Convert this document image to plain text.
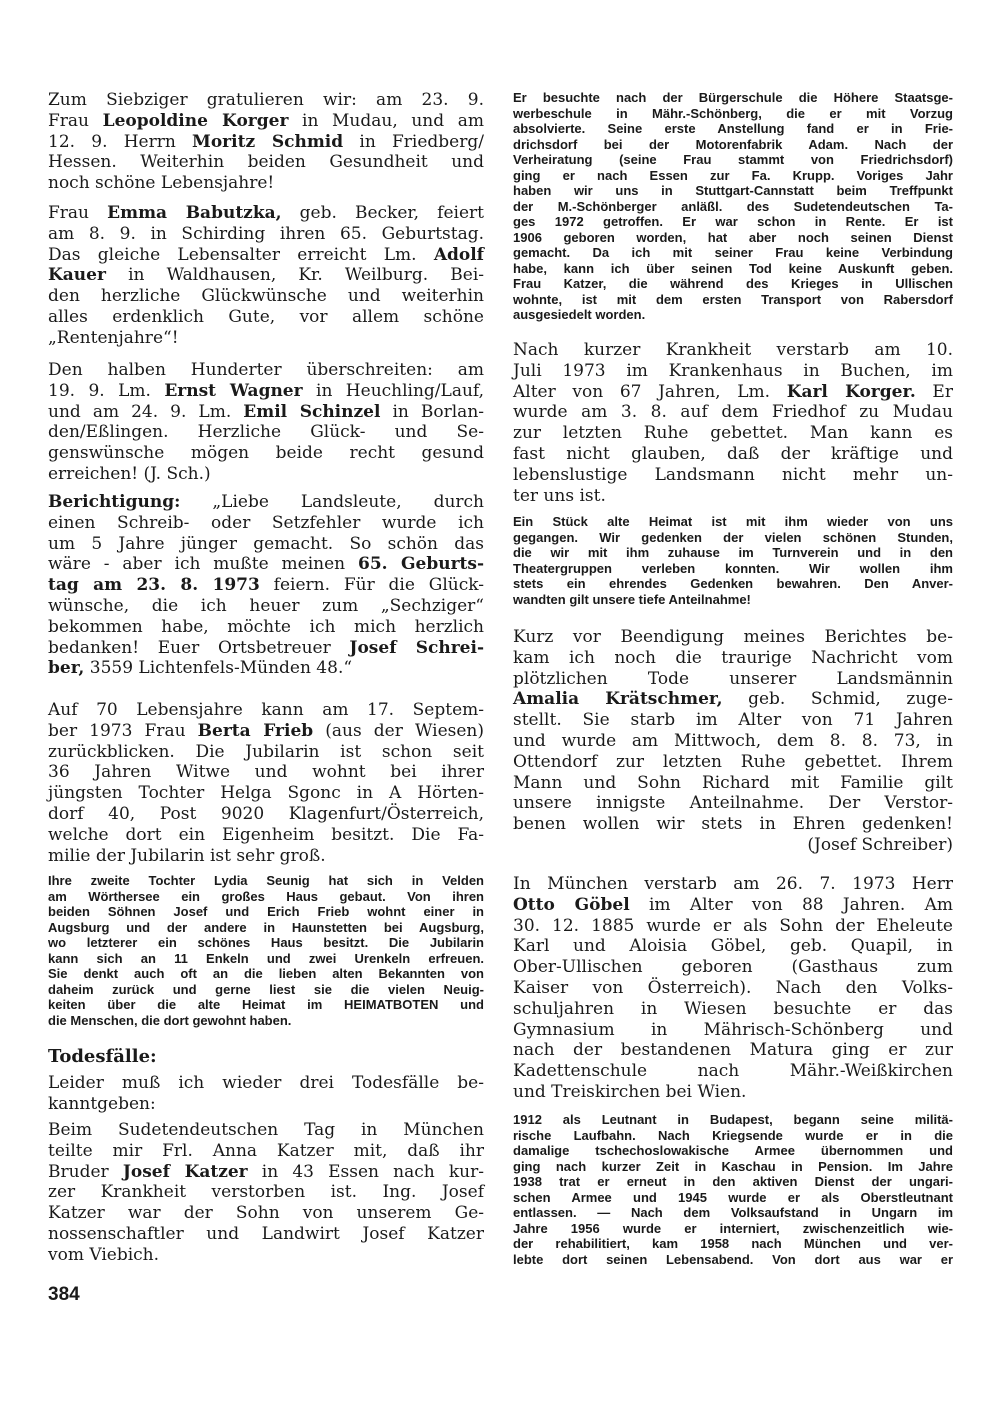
Zum Siebziger gratulieren wir: am 23. 9.
Frau Leopoldine Korger in Mudau, und am
12. 9. Herrn Moritz Schmid in Friedberg/
Hessen. Weiterhin beiden Gesundheit und
noch schöne Lebensjahre!
Frau Emma Babutzka, geb. Becker, feiert
am 8. 9. in Schirding ihren 65. Geburtstag.
Das gleiche Lebensalter erreicht Lm. Adolf
Kauer in Waldhausen, Kr. Weilburg. Bei-
den herzliche Glückwünsche und weiterhin
alles erdenklich Gute, vor allem schöne
„Rentenjahre“!
Den halben Hunderter überschreiten: am
19. 9. Lm. Ernst Wagner in Heuchling/Lauf,
und am 24. 9. Lm. Emil Schinzel in Borlan-
den/Eßlingen. Herzliche Glück- und Se-
genswünsche mögen beide recht gesund
erreichen! (J. Sch.)
Berichtigung: „Liebe Landsleute, durch
einen Schreib- oder Setzfehler wurde ich
um 5 Jahre jünger gemacht. So schön das
wäre - aber ich mußte meinen 65. Geburts-
tag am 23. 8. 1973 feiern. Für die Glück-
wünsche, die ich heuer zum „Sechziger“
bekommen habe, möchte ich mich herzlich
bedanken! Euer Ortsbetreuer Josef Schrei-
ber, 3559 Lichtenfels-Münden 48.“
Auf 70 Lebensjahre kann am 17. Septem-
ber 1973 Frau Berta Frieb (aus der Wiesen)
zurückblicken. Die Jubilarin ist schon seit
36 Jahren Witwe und wohnt bei ihrer
jüngsten Tochter Helga Sgonc in A Hörten-
dorf 40, Post 9020 Klagenfurt/Österreich,
welche dort ein Eigenheim besitzt. Die Fa-
milie der Jubilarin ist sehr groß.
Ihre zweite Tochter Lydia Seunig hat sich in Velden
am Wörthersee ein großes Haus gebaut. Von ihren
beiden Söhnen Josef und Erich Frieb wohnt einer in
Augsburg und der andere in Haunstetten bei Augsburg,
wo letzterer ein schönes Haus besitzt. Die Jubilarin
kann sich an 11 Enkeln und zwei Urenkeln erfreuen.
Sie denkt auch oft an die lieben alten Bekannten von
daheim zurück und gerne liest sie die vielen Neuig-
keiten über die alte Heimat im HEIMATBOTEN und
die Menschen, die dort gewohnt haben.
Todesfälle:
Leider muß ich wieder drei Todesfälle be-
kanntgeben:
Beim Sudetendeutschen Tag in München
teilte mir Frl. Anna Katzer mit, daß ihr
Bruder Josef Katzer in 43 Essen nach kur-
zer Krankheit verstorben ist. Ing. Josef
Katzer war der Sohn von unserem Ge-
nossenschaftler und Landwirt Josef Katzer
vom Viebich.
384
Er besuchte nach der Bürgerschule die Höhere Staatsge-
werbeschule in Mähr.-Schönberg, die er mit Vorzug
absolvierte. Seine erste Anstellung fand er in Frie-
drichsdorf bei der Motorenfabrik Adam. Nach der
Verheiratung (seine Frau stammt von Friedrichsdorf)
ging er nach Essen zur Fa. Krupp. Voriges Jahr
haben wir uns in Stuttgart-Cannstatt beim Treffpunkt
der M.-Schönberger anläßl. des Sudetendeutschen Ta-
ges 1972 getroffen. Er war schon in Rente. Er ist
1906 geboren worden, hat aber noch seinen Dienst
gemacht. Da ich mit seiner Frau keine Verbindung
habe, kann ich über seinen Tod keine Auskunft geben.
Frau Katzer, die während des Krieges in Ullischen
wohnte, ist mit dem ersten Transport von Rabersdorf
ausgesiedelt worden.
Nach kurzer Krankheit verstarb am 10.
Juli 1973 im Krankenhaus in Buchen, im
Alter von 67 Jahren, Lm. Karl Korger. Er
wurde am 3. 8. auf dem Friedhof zu Mudau
zur letzten Ruhe gebettet. Man kann es
fast nicht glauben, daß der kräftige und
lebenslustige Landsmann nicht mehr un-
ter uns ist.
Ein Stück alte Heimat ist mit ihm wieder von uns
gegangen. Wir gedenken der vielen schönen Stunden,
die wir mit ihm zuhause im Turnverein und in den
Theatergruppen verleben konnten. Wir wollen ihm
stets ein ehrendes Gedenken bewahren. Den Anver-
wandten gilt unsere tiefe Anteilnahme!
Kurz vor Beendigung meines Berichtes be-
kam ich noch die traurige Nachricht vom
plötzlichen Tode unserer Landsmännin
Amalia Krätschmer, geb. Schmid, zuge-
stellt. Sie starb im Alter von 71 Jahren
und wurde am Mittwoch, dem 8. 8. 73, in
Ottendorf zur letzten Ruhe gebettet. Ihrem
Mann und Sohn Richard mit Familie gilt
unsere innigste Anteilnahme. Der Verstor-
benen wollen wir stets in Ehren gedenken!
(Josef Schreiber)
In München verstarb am 26. 7. 1973 Herr
Otto Göbel im Alter von 88 Jahren. Am
30. 12. 1885 wurde er als Sohn der Eheleute
Karl und Aloisia Göbel, geb. Quapil, in
Ober-Ullischen geboren (Gasthaus zum
Kaiser von Österreich). Nach den Volks-
schuljahren in Wiesen besuchte er das
Gymnasium in Mährisch-Schönberg und
nach der bestandenen Matura ging er zur
Kadettenschule nach Mähr.-Weißkirchen
und Treiskirchen bei Wien.
1912 als Leutnant in Budapest, begann seine militä-
rische Laufbahn. Nach Kriegsende wurde er in die
damalige tschechoslowakische Armee übernommen und
ging nach kurzer Zeit in Kaschau in Pension. Im Jahre
1938 trat er erneut in den aktiven Dienst der ungari-
schen Armee und 1945 wurde er als Oberstleutnant
entlassen. — Nach dem Volksaufstand in Ungarn im
Jahre 1956 wurde er interniert, zwischenzeitlich wie-
der rehabilitiert, kam 1958 nach München und ver-
lebte dort seinen Lebensabend. Von dort aus war er
